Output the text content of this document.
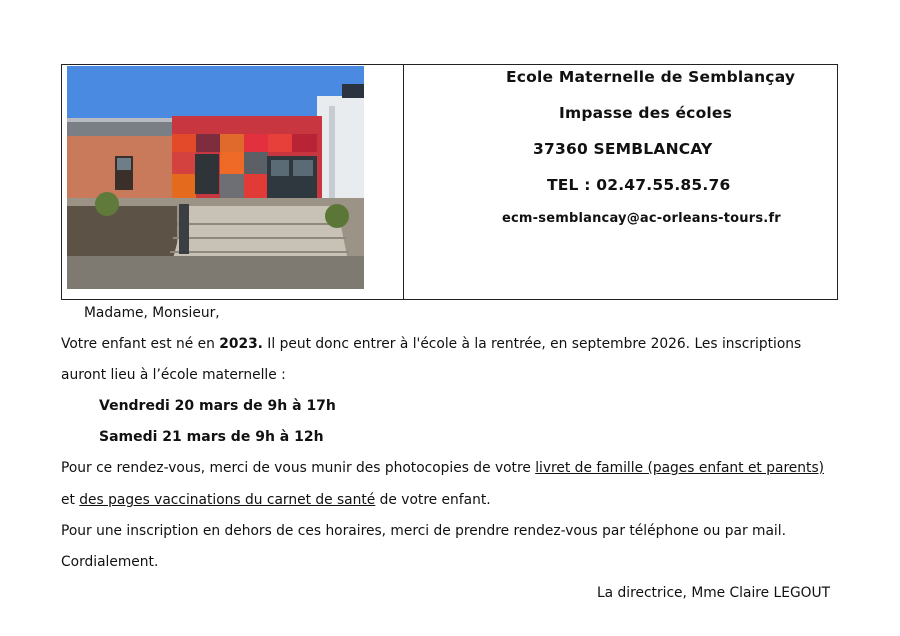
Ecole Maternelle de Semblançay
Impasse des écoles
37360 SEMBLANCAY
TEL : 02.47.55.85.76
ecm-semblancay@ac-orleans-tours.fr
Madame, Monsieur,
Votre enfant est né en 2023. Il peut donc entrer à l'école à la rentrée, en septembre 2026. Les inscriptions
auront lieu à l’école maternelle :
Vendredi 20 mars de 9h à 17h
Samedi 21 mars de 9h à 12h
Pour ce rendez-vous, merci de vous munir des photocopies de votre livret de famille (pages enfant et parents)
et des pages vaccinations du carnet de santé de votre enfant.
Pour une inscription en dehors de ces horaires, merci de prendre rendez-vous par téléphone ou par mail.
Cordialement.
La directrice, Mme Claire LEGOUT
